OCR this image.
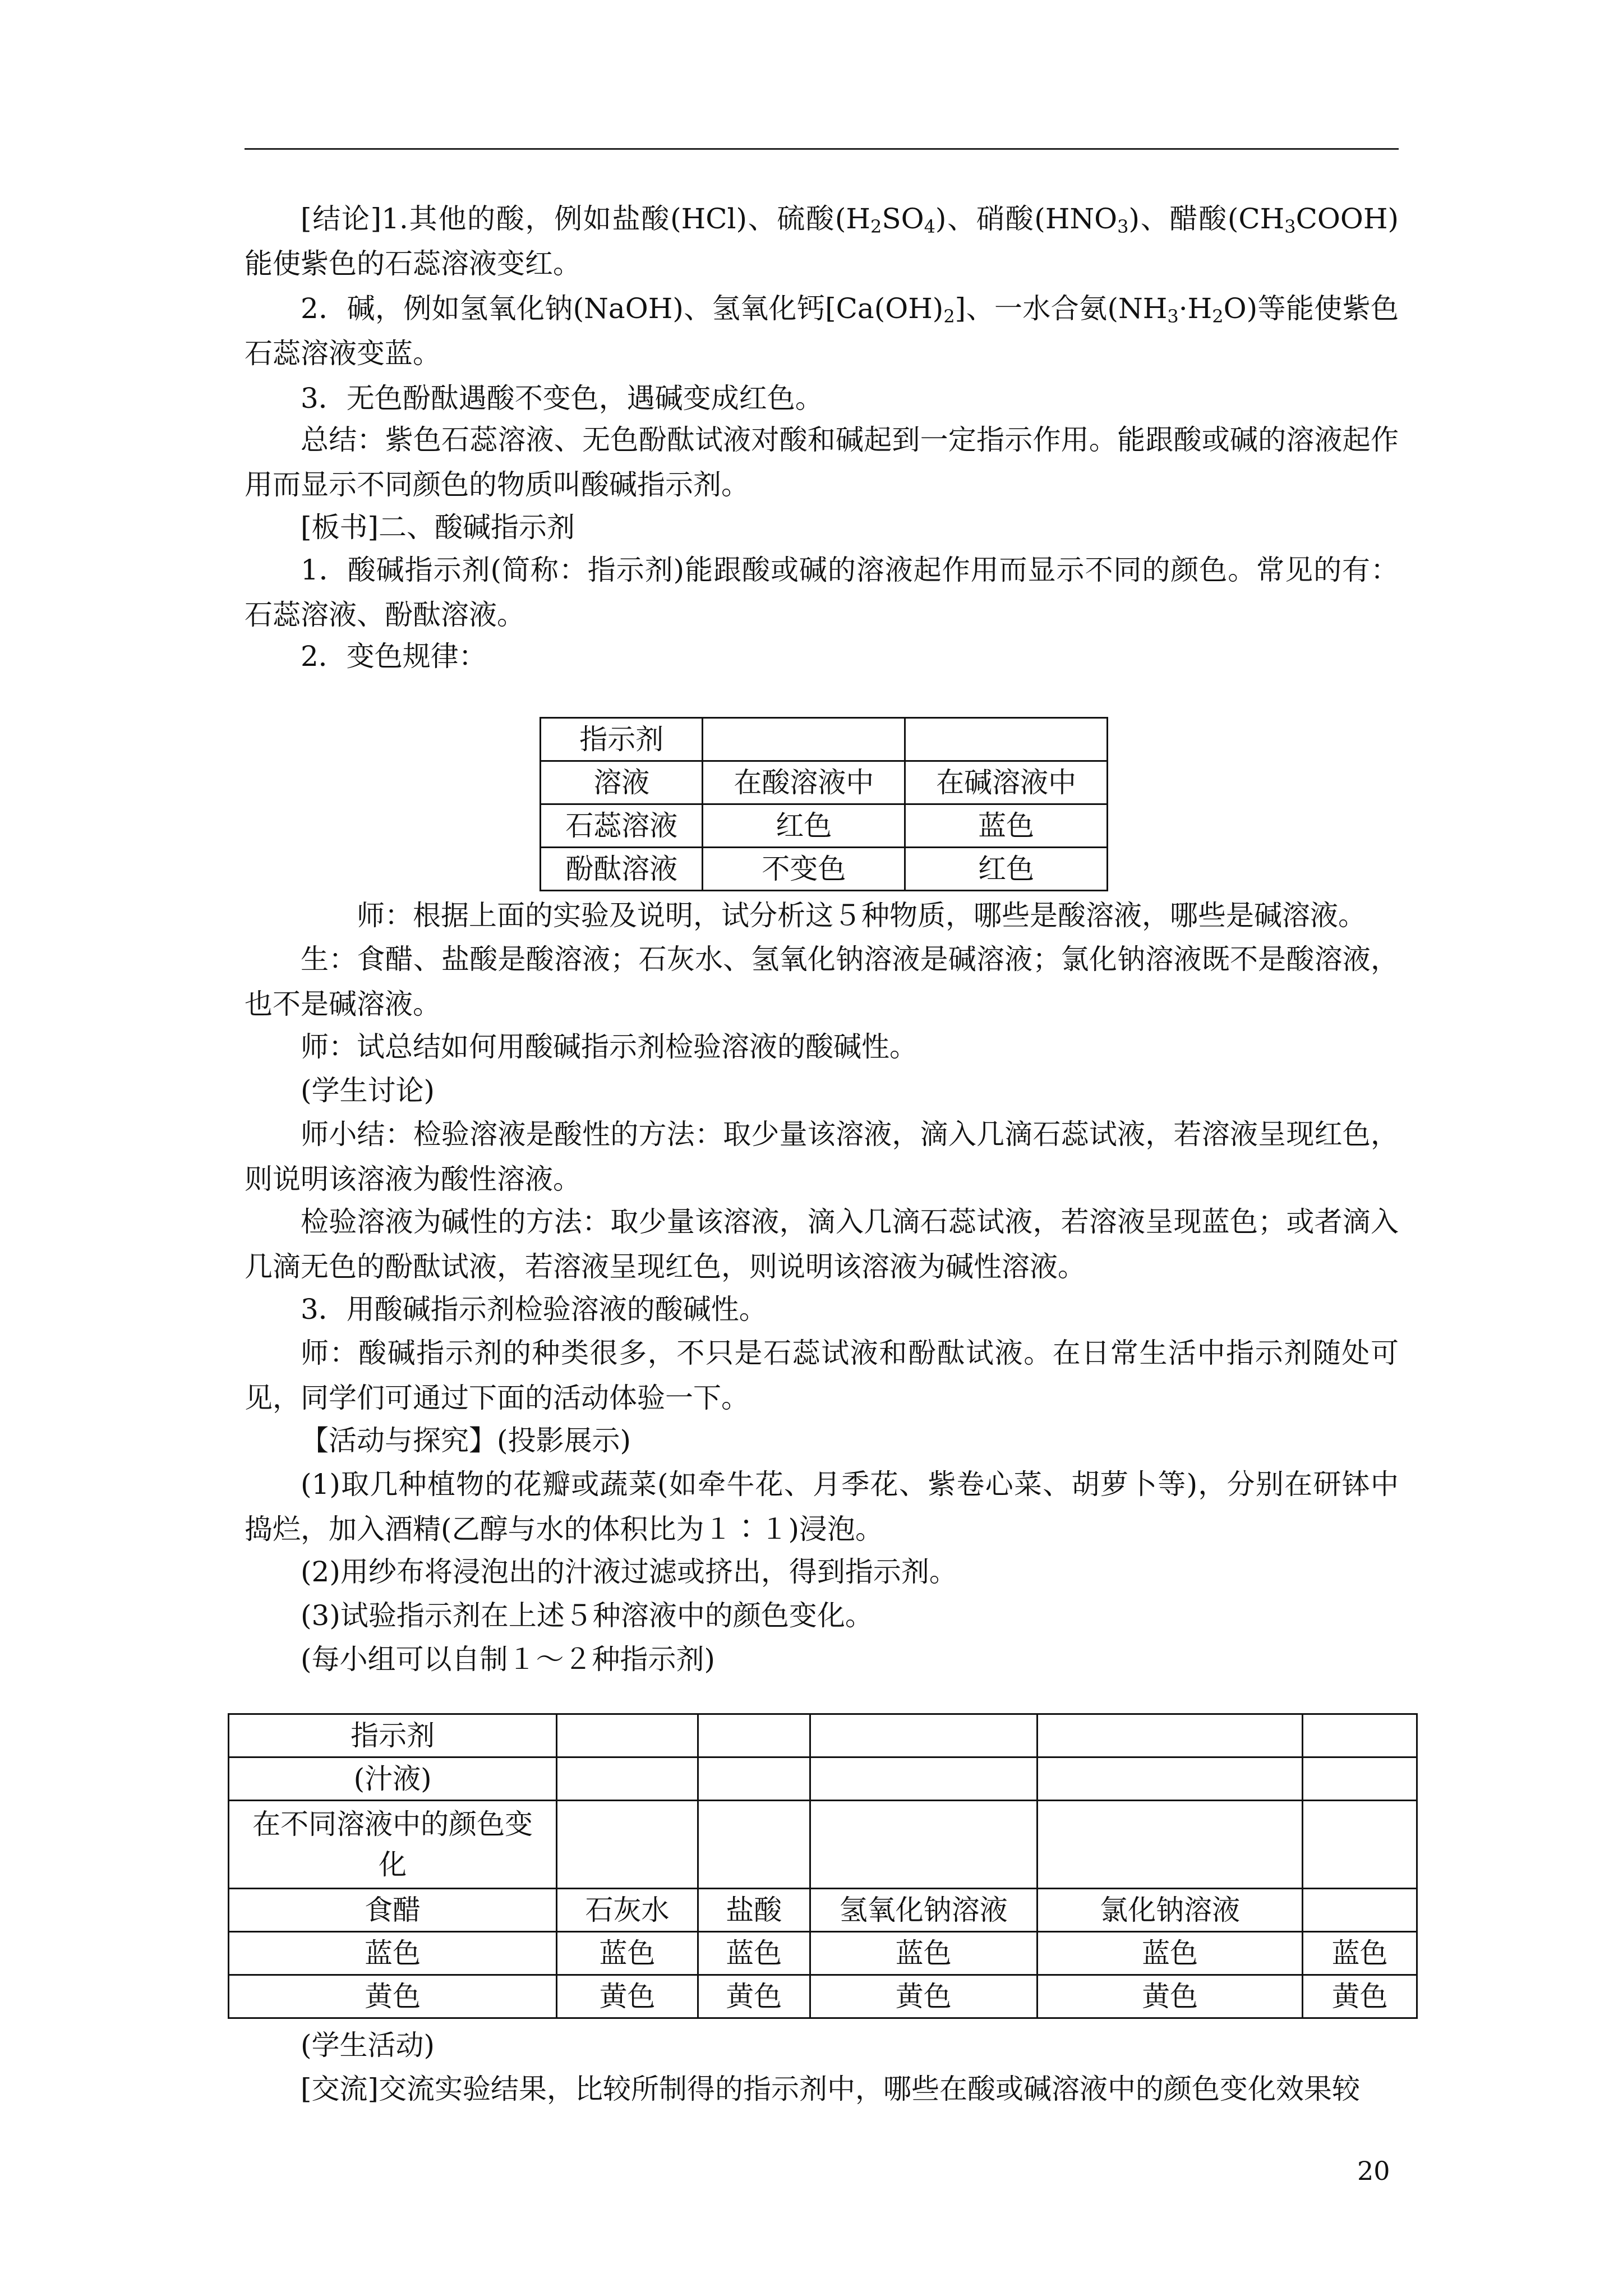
[结论]1.其他的酸，例如盐酸(HCl)、硫酸$(H_2SO_4)$、硝酸$(HNO_3)$、醋酸$(CH_3COOH)$能使紫色的石蕊溶液变红。

2．碱，例如氢氧化钠(NaOH)、氢氧化钙$[Ca(OH)_2]$、一水合氨$(NH_3\cdot H_2O)$等能使紫色石蕊溶液变蓝。

3．无色酚酞遇酸不变色，遇碱变成红色。

总结：紫色石蕊溶液、无色酚酞试液对酸和碱起到一定指示作用。能跟酸或碱的溶液起作用而显示不同颜色的物质叫酸碱指示剂。

[板书]二、酸碱指示剂

1．酸碱指示剂(简称：指示剂)能跟酸或碱的溶液起作用而显示不同的颜色。常见的有：石蕊溶液、酚酞溶液。

2．变色规律：

指示剂		
溶液	在酸溶液中	在碱溶液中
石蕊溶液	红色	蓝色
酚酞溶液	不变色	红色

师：根据上面的实验及说明，试分析这５种物质，哪些是酸溶液，哪些是碱溶液。

生：食醋、盐酸是酸溶液；石灰水、氢氧化钠溶液是碱溶液；氯化钠溶液既不是酸溶液，也不是碱溶液。

师：试总结如何用酸碱指示剂检验溶液的酸碱性。

(学生讨论)

师小结：检验溶液是酸性的方法：取少量该溶液，滴入几滴石蕊试液，若溶液呈现红色，则说明该溶液为酸性溶液。

检验溶液为碱性的方法：取少量该溶液，滴入几滴石蕊试液，若溶液呈现蓝色；或者滴入几滴无色的酚酞试液，若溶液呈现红色，则说明该溶液为碱性溶液。

3．用酸碱指示剂检验溶液的酸碱性。

师：酸碱指示剂的种类很多，不只是石蕊试液和酚酞试液。在日常生活中指示剂随处可见，同学们可通过下面的活动体验一下。

【活动与探究】(投影展示)

(1)取几种植物的花瓣或蔬菜(如牵牛花、月季花、紫卷心菜、胡萝卜等)，分别在研钵中捣烂，加入酒精(乙醇与水的体积比为１∶１)浸泡。

(2)用纱布将浸泡出的汁液过滤或挤出，得到指示剂。

(3)试验指示剂在上述５种溶液中的颜色变化。

(每小组可以自制１～２种指示剂)

指示剂					
(汁液)					
在不同溶液中的颜色变化					
食醋	石灰水	盐酸	氢氧化钠溶液	氯化钠溶液	
蓝色	蓝色	蓝色	蓝色	蓝色	蓝色
黄色	黄色	黄色	黄色	黄色	黄色

(学生活动)

[交流]交流实验结果，比较所制得的指示剂中，哪些在酸或碱溶液中的颜色变化效果较

20
